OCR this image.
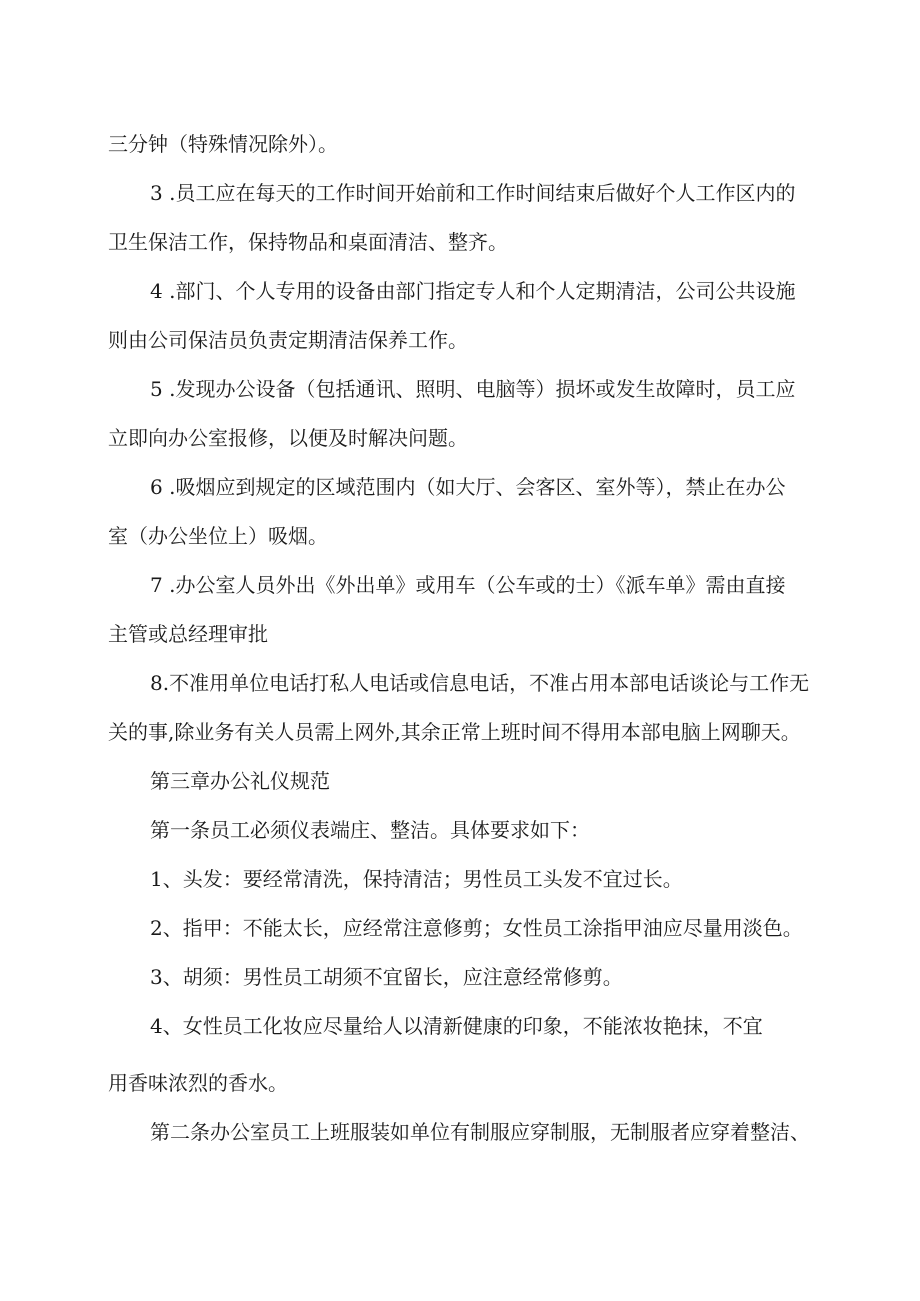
三分钟（特殊情况除外）。
3 .员工应在每天的工作时间开始前和工作时间结束后做好个人工作区内的
卫生保洁工作，保持物品和桌面清洁、整齐。
4 .部门、个人专用的设备由部门指定专人和个人定期清洁，公司公共设施
则由公司保洁员负责定期清洁保养工作。
5 .发现办公设备（包括通讯、照明、电脑等）损坏或发生故障时，员工应
立即向办公室报修，以便及时解决问题。
6 .吸烟应到规定的区域范围内（如大厅、会客区、室外等），禁止在办公
室（办公坐位上）吸烟。
7 .办公室人员外出《外出单》或用车（公车或的士）《派车单》需由直接
主管或总经理审批
8.不准用单位电话打私人电话或信息电话，不准占用本部电话谈论与工作无
关的事,除业务有关人员需上网外,其余正常上班时间不得用本部电脑上网聊天。
第三章办公礼仪规范
第一条员工必须仪表端庄、整洁。具体要求如下：
1、头发：要经常清洗，保持清洁；男性员工头发不宜过长。
2、指甲：不能太长，应经常注意修剪；女性员工涂指甲油应尽量用淡色。
3、胡须：男性员工胡须不宜留长，应注意经常修剪。
4、女性员工化妆应尽量给人以清新健康的印象，不能浓妆艳抹，不宜
用香味浓烈的香水。
第二条办公室员工上班服装如单位有制服应穿制服，无制服者应穿着整洁、
